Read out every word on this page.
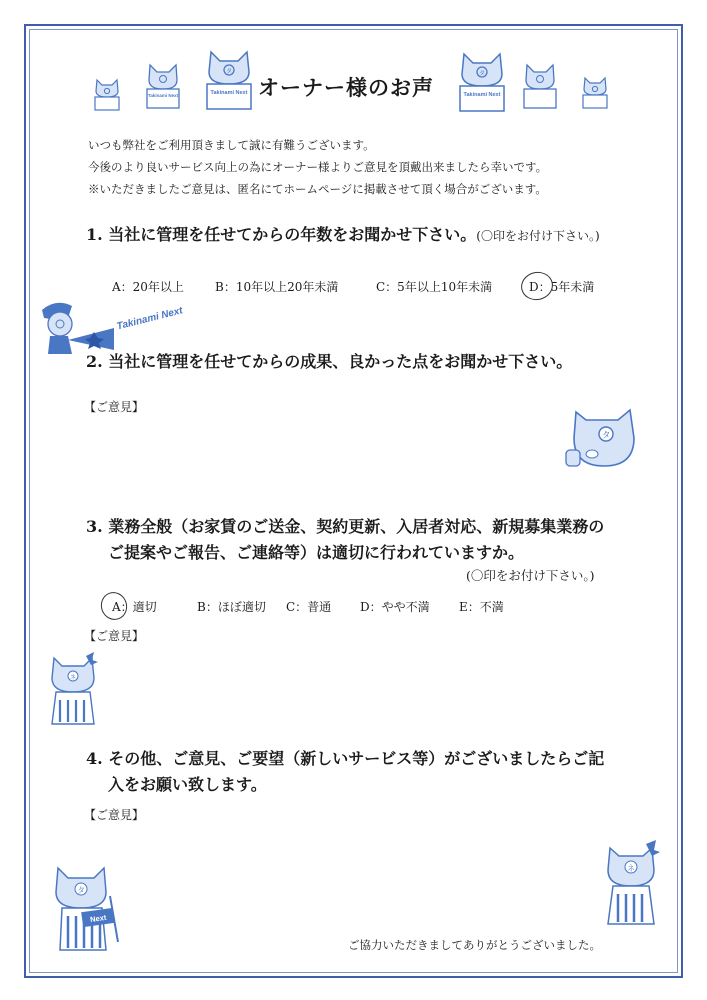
Takinami Next
タ
Takinami Next オーナー様のお声
タ
Takinami Next
いつも弊社をご利用頂きまして誠に有難うございます。
今後のより良いサービス向上の為にオーナー様よりご意見を頂戴出来ましたら幸いです。
※いただきましたご意見は、匿名にてホームページに掲載させて頂く場合がございます。
1. 当社に管理を任せてからの年数をお聞かせ下さい。(〇印をお付け下さい。)
A：20年以上	B：10年以上20年未満	C：5年以上10年未満	D：5年未満
Takinami Next
2. 当社に管理を任せてからの成果、良かった点をお聞かせ下さい。
【ご意見】
タ
3. 業務全般（お家賃のご送金、契約更新、入居者対応、新規募集業務の
ご提案やご報告、ご連絡等）は適切に行われていますか。
(〇印をお付け下さい。)
A：適切	B：ほぼ適切 C：普通 D：やや不満 E：不満
【ご意見】
ネ
4. その他、ご意見、ご要望（新しいサービス等）がございましたらご記
入をお願い致します。
【ご意見】
タ
Next
ネ
ご協力いただきましてありがとうございました。
